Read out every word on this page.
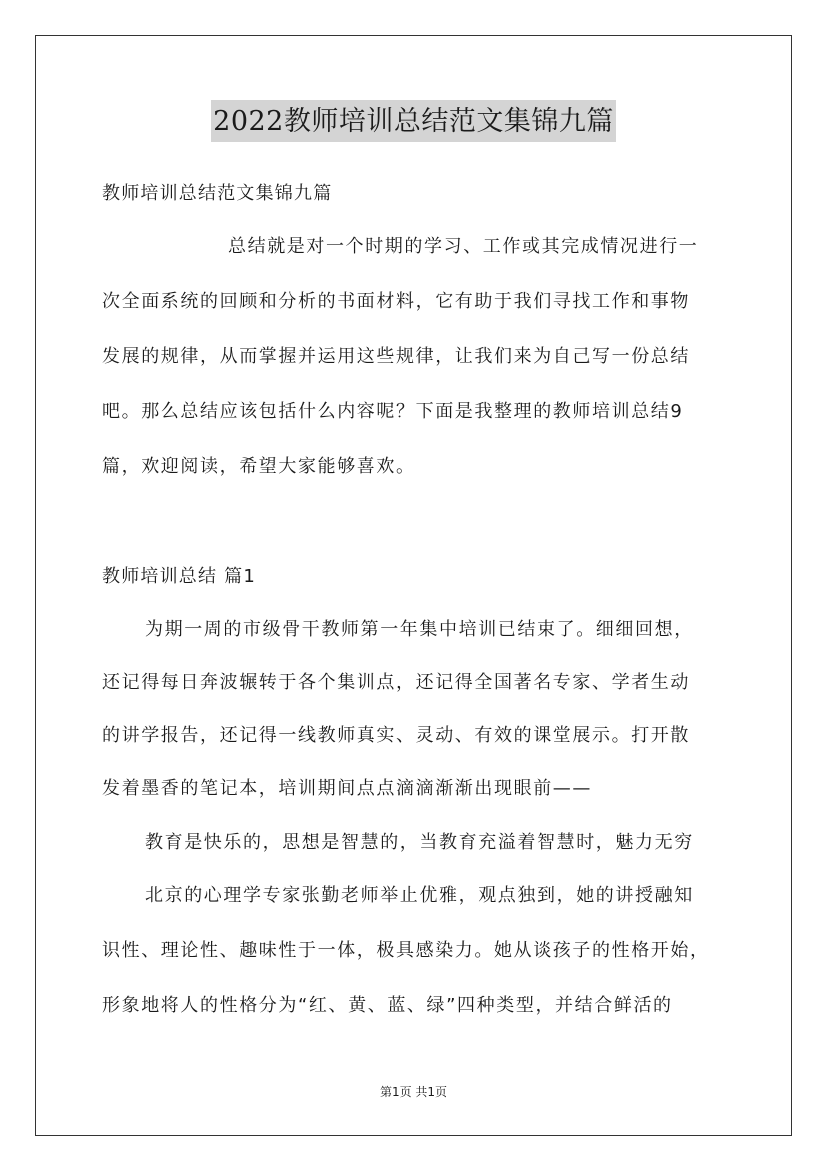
2022教师培训总结范文集锦九篇
教师培训总结范文集锦九篇
总结就是对一个时期的学习、工作或其完成情况进行一
次全面系统的回顾和分析的书面材料，它有助于我们寻找工作和事物
发展的规律，从而掌握并运用这些规律，让我们来为自己写一份总结
吧。那么总结应该包括什么内容呢？下面是我整理的教师培训总结9
篇，欢迎阅读，希望大家能够喜欢。
教师培训总结 篇1
为期一周的市级骨干教师第一年集中培训已结束了。细细回想，
还记得每日奔波辗转于各个集训点，还记得全国著名专家、学者生动
的讲学报告，还记得一线教师真实、灵动、有效的课堂展示。打开散
发着墨香的笔记本，培训期间点点滴滴渐渐出现眼前——
教育是快乐的，思想是智慧的，当教育充溢着智慧时，魅力无穷
北京的心理学专家张勤老师举止优雅，观点独到，她的讲授融知
识性、理论性、趣味性于一体，极具感染力。她从谈孩子的性格开始，
形象地将人的性格分为“红、黄、蓝、绿”四种类型，并结合鲜活的
第1页 共1页
